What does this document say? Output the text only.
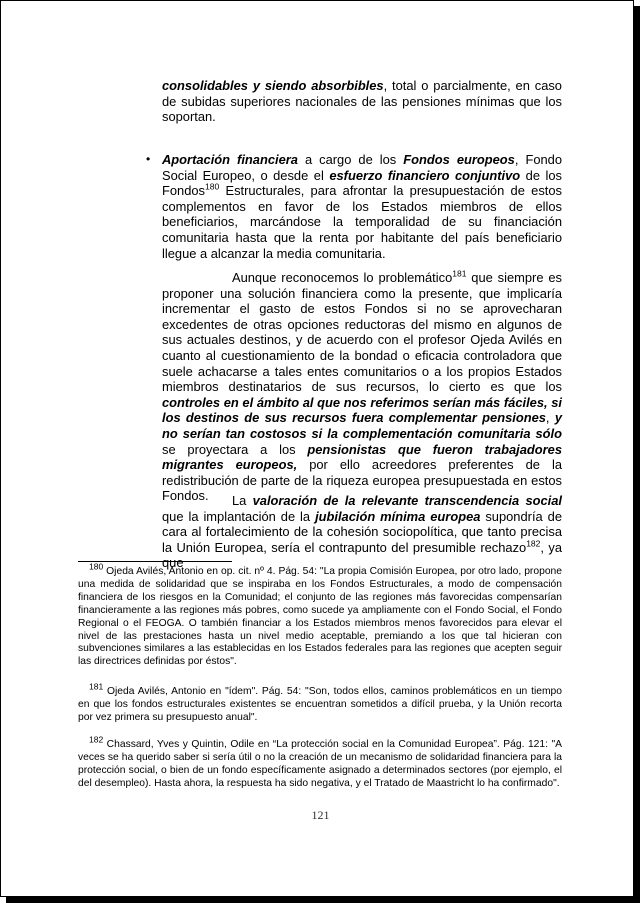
consolidables y siendo absorbibles, total o parcialmente, en caso de subidas superiores nacionales de las pensiones mínimas que los soportan.

• Aportación financiera a cargo de los Fondos europeos, Fondo Social Europeo, o desde el esfuerzo financiero conjuntivo de los Fondos$^{180}$ Estructurales, para afrontar la presupuestación de estos complementos en favor de los Estados miembros de ellos beneficiarios, marcándose la temporalidad de su financiación comunitaria hasta que la renta por habitante del país beneficiario llegue a alcanzar la media comunitaria.

Aunque reconocemos lo problemático$^{181}$ que siempre es proponer una solución financiera como la presente, que implicaría incrementar el gasto de estos Fondos si no se aprovecharan excedentes de otras opciones reductoras del mismo en algunos de sus actuales destinos, y de acuerdo con el profesor Ojeda Avilés en cuanto al cuestionamiento de la bondad o eficacia controladora que suele achacarse a tales entes comunitarios o a los propios Estados miembros destinatarios de sus recursos, lo cierto es que los controles en el ámbito al que nos referimos serían más fáciles, si los destinos de sus recursos fuera complementar pensiones, y no serían tan costosos si la complementación comunitaria sólo se proyectara a los pensionistas que fueron trabajadores migrantes europeos, por ello acreedores preferentes de la redistribución de parte de la riqueza europea presupuestada en estos Fondos.	La valoración de la relevante transcendencia social que la implantación de la jubilación mínima europea supondría de cara al fortalecimiento de la cohesión sociopolítica, que tanto precisa la Unión Europea, sería el contrapunto del presumible rechazo$^{182}$, ya que

$^{180}$ Ojeda Avilés, Antonio en op. cit. nº 4. Pág. 54: "La propia Comisión Europea, por otro lado, propone una medida de solidaridad que se inspiraba en los Fondos Estructurales, a modo de compensación financiera de los riesgos en la Comunidad; el conjunto de las regiones más favorecidas compensarían financieramente a las regiones más pobres, como sucede ya ampliamente con el Fondo Social, el Fondo Regional o el FEOGA. O también financiar a los Estados miembros menos favorecidos para elevar el nivel de las prestaciones hasta un nivel medio aceptable, premiando a los que tal hicieran con subvenciones similares a las establecidas en los Estados federales para las regiones que acepten seguir las directrices definidas por éstos".

$^{181}$ Ojeda Avilés, Antonio en "ídem". Pág. 54: "Son, todos ellos, caminos problemáticos en un tiempo en que los fondos estructurales existentes se encuentran sometidos a difícil prueba, y la Unión recorta por vez primera su presupuesto anual".

$^{182}$ Chassard, Yves y Quintin, Odile en “La protección social en la Comunidad Europea”. Pág. 121: "A veces se ha querido saber si sería útil o no la creación de un mecanismo de solidaridad financiera para la protección social, o bien de un fondo específicamente asignado a determinados sectores (por ejemplo, el del desempleo). Hasta ahora, la respuesta ha sido negativa, y el Tratado de Maastricht lo ha confirmado".

121
